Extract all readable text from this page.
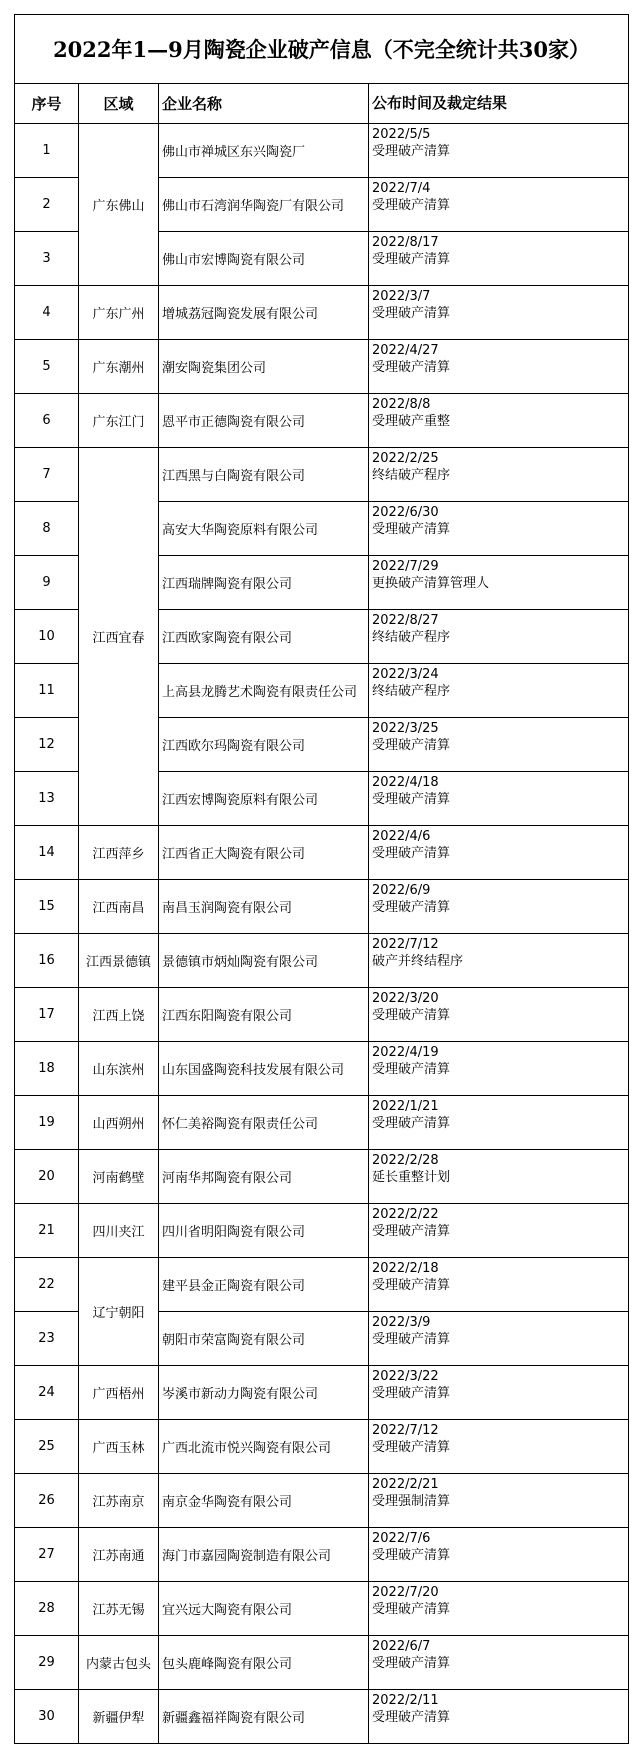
2022年1—9月陶瓷企业破产信息（不完全统计共30家）			
序号	区域	企业名称	公布时间及裁定结果
1	广东佛山	佛山市禅城区东兴陶瓷厂	2022/5/5
受理破产清算

2		佛山市石湾润华陶瓷厂有限公司	2022/7/4
受理破产清算

3		佛山市宏博陶瓷有限公司	2022/8/17
受理破产清算

4	广东广州	增城荔冠陶瓷发展有限公司	2022/3/7
受理破产清算

5	广东潮州	潮安陶瓷集团公司	2022/4/27
受理破产清算

6	广东江门	恩平市正德陶瓷有限公司	2022/8/8
受理破产重整

7	江西宜春	江西黑与白陶瓷有限公司	2022/2/25
终结破产程序

8		高安大华陶瓷原料有限公司	2022/6/30
受理破产清算

9		江西瑞牌陶瓷有限公司	2022/7/29
更换破产清算管理人

10		江西欧家陶瓷有限公司	2022/8/27
终结破产程序

11		上高县龙腾艺术陶瓷有限责任公司	2022/3/24
终结破产程序

12		江西欧尔玛陶瓷有限公司	2022/3/25
受理破产清算

13		江西宏博陶瓷原料有限公司	2022/4/18
受理破产清算

14	江西萍乡	江西省正大陶瓷有限公司	2022/4/6
受理破产清算

15	江西南昌	南昌玉润陶瓷有限公司	2022/6/9
受理破产清算

16	江西景德镇	景德镇市炳灿陶瓷有限公司	2022/7/12
破产并终结程序

17	江西上饶	江西东阳陶瓷有限公司	2022/3/20
受理破产清算

18	山东滨州	山东国盛陶瓷科技发展有限公司	2022/4/19
受理破产清算

19	山西朔州	怀仁美裕陶瓷有限责任公司	2022/1/21
受理破产清算

20	河南鹤壁	河南华邦陶瓷有限公司	2022/2/28
延长重整计划

21	四川夹江	四川省明阳陶瓷有限公司	2022/2/22
受理破产清算

22	辽宁朝阳	建平县金正陶瓷有限公司	2022/2/18
受理破产清算

23		朝阳市荣富陶瓷有限公司	2022/3/9
受理破产清算

24	广西梧州	岑溪市新动力陶瓷有限公司	2022/3/22
受理破产清算

25	广西玉林	广西北流市悦兴陶瓷有限公司	2022/7/12
受理破产清算

26	江苏南京	南京金华陶瓷有限公司	2022/2/21
受理强制清算

27	江苏南通	海门市嘉园陶瓷制造有限公司	2022/7/6
受理破产清算

28	江苏无锡	宜兴远大陶瓷有限公司	2022/7/20
受理破产清算

29	内蒙古包头	包头鹿峰陶瓷有限公司	2022/6/7
受理破产清算

30	新疆伊犁	新疆鑫福祥陶瓷有限公司	2022/2/11
受理破产清算
